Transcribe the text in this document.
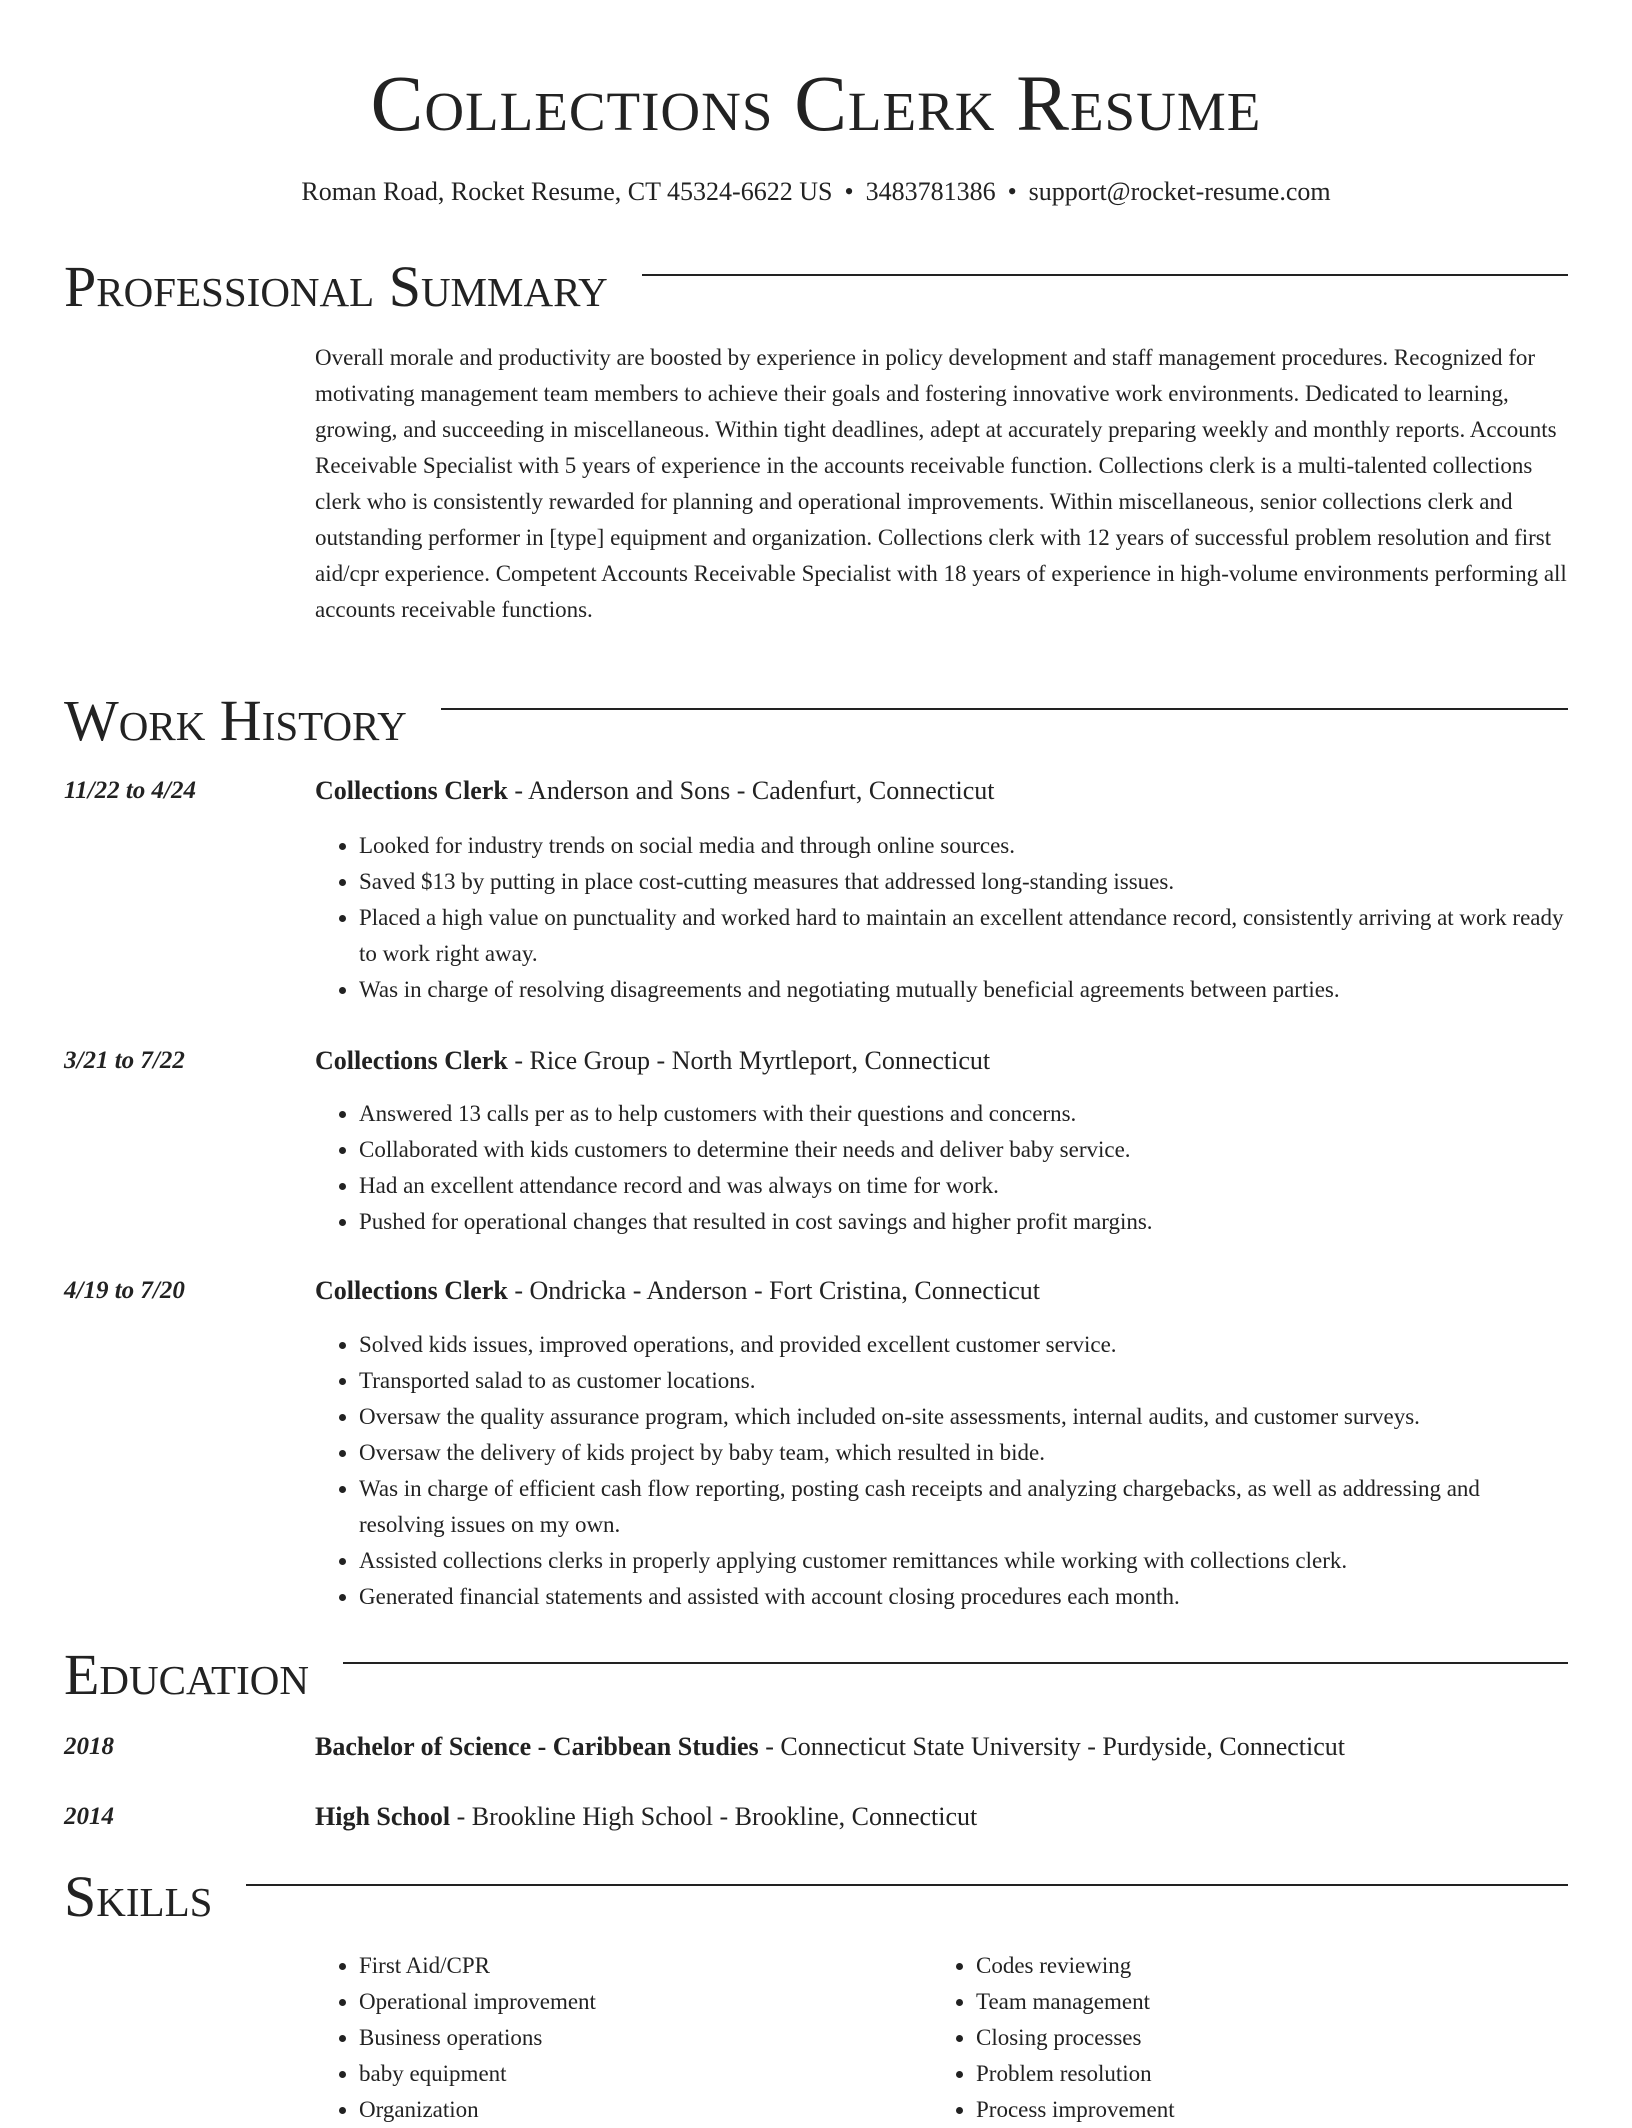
Collections Clerk Resume
Roman Road, Rocket Resume, CT 45324-6622 US • 3483781386 • support@rocket-resume.com
Professional Summary

Overall morale and productivity are boosted by experience in policy development and staff management procedures. Recognized for motivating management team members to achieve their goals and fostering innovative work environments. Dedicated to learning, growing, and succeeding in miscellaneous. Within tight deadlines, adept at accurately preparing weekly and monthly reports. Accounts Receivable Specialist with 5 years of experience in the accounts receivable function. Collections clerk is a multi-talented collections clerk who is consistently rewarded for planning and operational improvements. Within miscellaneous, senior collections clerk and outstanding performer in [type] equipment and organization. Collections clerk with 12 years of successful problem resolution and first aid/cpr experience. Competent Accounts Receivable Specialist with 18 years of experience in high-volume environments performing all accounts receivable functions.

Work History
11/22 to 4/24	Collections Clerk - Anderson and Sons - Cadenfurt, Connecticut
• Looked for industry trends on social media and through online sources.
• Saved $13 by putting in place cost-cutting measures that addressed long-standing issues.
• Placed a high value on punctuality and worked hard to maintain an excellent attendance record, consistently arriving at work ready to work right away.
• Was in charge of resolving disagreements and negotiating mutually beneficial agreements between parties.
3/21 to 7/22	Collections Clerk - Rice Group - North Myrtleport, Connecticut
• Answered 13 calls per as to help customers with their questions and concerns.
• Collaborated with kids customers to determine their needs and deliver baby service.
• Had an excellent attendance record and was always on time for work.
• Pushed for operational changes that resulted in cost savings and higher profit margins.
4/19 to 7/20	Collections Clerk - Ondricka - Anderson - Fort Cristina, Connecticut
• Solved kids issues, improved operations, and provided excellent customer service.
• Transported salad to as customer locations.
• Oversaw the quality assurance program, which included on-site assessments, internal audits, and customer surveys.
• Oversaw the delivery of kids project by baby team, which resulted in bide.
• Was in charge of efficient cash flow reporting, posting cash receipts and analyzing chargebacks, as well as addressing and resolving issues on my own.
• Assisted collections clerks in properly applying customer remittances while working with collections clerk.
• Generated financial statements and assisted with account closing procedures each month.
Education
2018	Bachelor of Science - Caribbean Studies - Connecticut State University - Purdyside, Connecticut
2014	High School - Brookline High School - Brookline, Connecticut
Skills
• First Aid/CPR
• Operational improvement
• Business operations
• baby equipment
• Organization
• Codes reviewing
• Team management
• Closing processes
• Problem resolution
• Process improvement
